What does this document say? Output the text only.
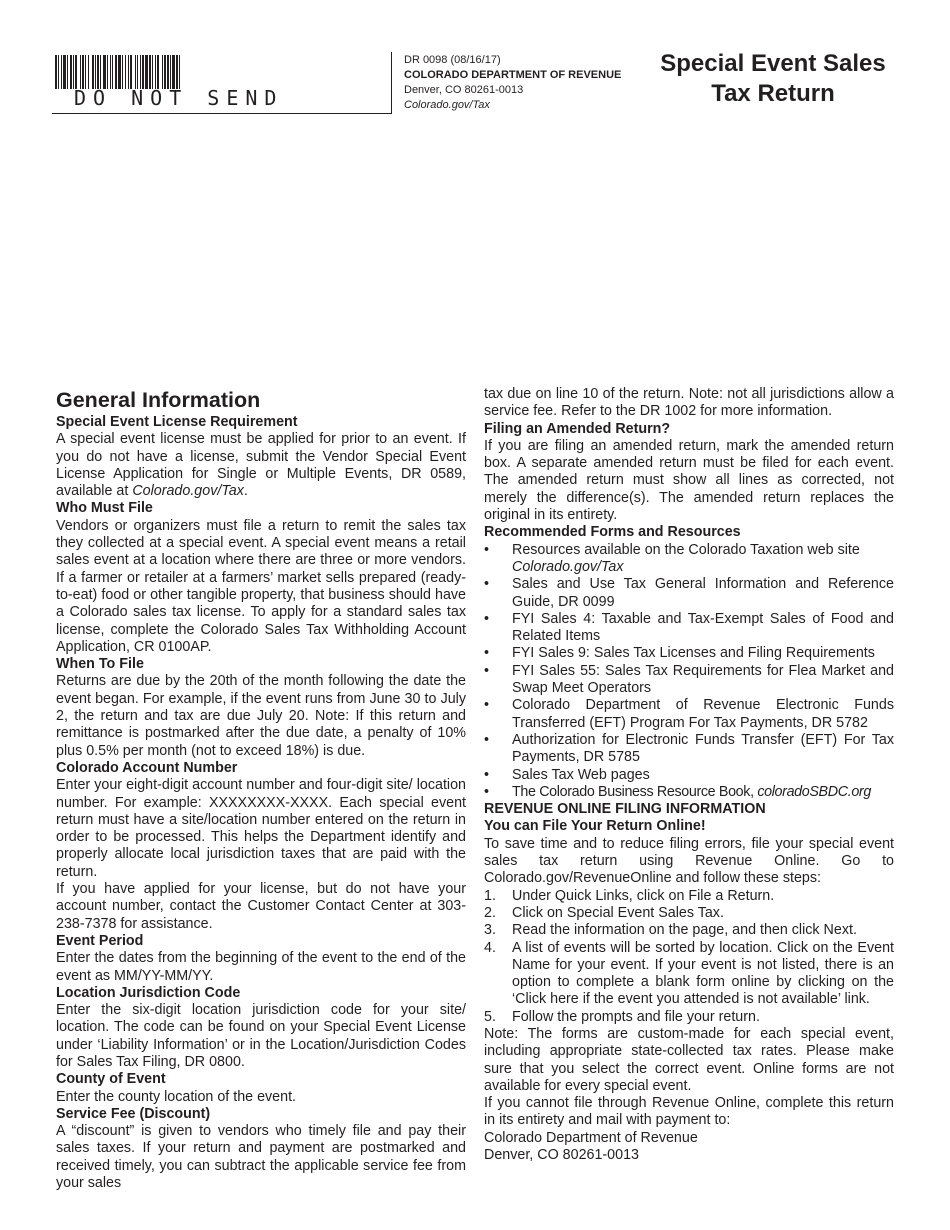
DO NOT SEND
DR 0098 (08/16/17)
COLORADO DEPARTMENT OF REVENUE
Denver, CO 80261-0013
Colorado.gov/Tax
Special Event Sales
Tax Return
General Information
Special Event License Requirement

A special event license must be applied for prior to an event. If you do not have a license, submit the Vendor Special Event License Application for Single or Multiple Events, DR 0589, available at Colorado.gov/Tax.

Who Must File

Vendors or organizers must file a return to remit the sales tax they collected at a special event. A special event means a retail sales event at a location where there are three or more vendors. If a farmer or retailer at a farmers’ market sells prepared (ready-to-eat) food or other tangible property, that business should have a Colorado sales tax license. To apply for a standard sales tax license, complete the Colorado Sales Tax Withholding Account Application, CR 0100AP.

When To File

Returns are due by the 20th of the month following the date the event began. For example, if the event runs from June 30 to July 2, the return and tax are due July 20. Note: If this return and remittance is postmarked after the due date, a penalty of 10% plus 0.5% per month (not to exceed 18%) is due.

Colorado Account Number

Enter your eight-digit account number and four-digit site/ location number. For example: XXXXXXXX-XXXX. Each special event return must have a site/location number entered on the return in order to be processed. This helps the Department identify and properly allocate local jurisdiction taxes that are paid with the return.

If you have applied for your license, but do not have your account number, contact the Customer Contact Center at 303-238-7378 for assistance.

Event Period

Enter the dates from the beginning of the event to the end of the event as MM/YY-MM/YY.

Location Jurisdiction Code

Enter the six-digit location jurisdiction code for your site/ location. The code can be found on your Special Event License under ‘Liability Information’ or in the Location/Jurisdiction Codes for Sales Tax Filing, DR 0800.

County of Event

Enter the county location of the event.

Service Fee (Discount)

A “discount” is given to vendors who timely file and pay their sales taxes. If your return and payment are postmarked and received timely, you can subtract the applicable service fee from your sales

tax due on line 10 of the return. Note: not all jurisdictions allow a service fee. Refer to the DR 1002 for more information.

Filing an Amended Return?

If you are filing an amended return, mark the amended return box. A separate amended return must be filed for each event. The amended return must show all lines as corrected, not merely the difference(s). The amended return replaces the original in its entirety.

Recommended Forms and Resources
• Resources available on the Colorado Taxation web site
Colorado.gov/Tax
• Sales and Use Tax General Information and Reference Guide, DR 0099
• FYI Sales 4: Taxable and Tax-Exempt Sales of Food and Related Items
• FYI Sales 9: Sales Tax Licenses and Filing Requirements
• FYI Sales 55: Sales Tax Requirements for Flea Market and Swap Meet Operators
• Colorado Department of Revenue Electronic Funds Transferred (EFT) Program For Tax Payments, DR 5782
• Authorization for Electronic Funds Transfer (EFT) For Tax Payments, DR 5785
• Sales Tax Web pages
• The Colorado Business Resource Book, coloradoSBDC.org
REVENUE ONLINE FILING INFORMATION
You can File Your Return Online!

To save time and to reduce filing errors, file your special event sales tax return using Revenue Online. Go to Colorado.gov/RevenueOnline and follow these steps:

1. Under Quick Links, click on File a Return.
2. Click on Special Event Sales Tax.
3. Read the information on the page, and then click Next.
4. A list of events will be sorted by location. Click on the Event Name for your event. If your event is not listed, there is an option to complete a blank form online by clicking on the ‘Click here if the event you attended is not available’ link.
5. Follow the prompts and file your return.

Note: The forms are custom-made for each special event, including appropriate state-collected tax rates. Please make sure that you select the correct event. Online forms are not available for every special event.

If you cannot file through Revenue Online, complete this return in its entirety and mail with payment to:

Colorado Department of Revenue
Denver, CO 80261-0013
